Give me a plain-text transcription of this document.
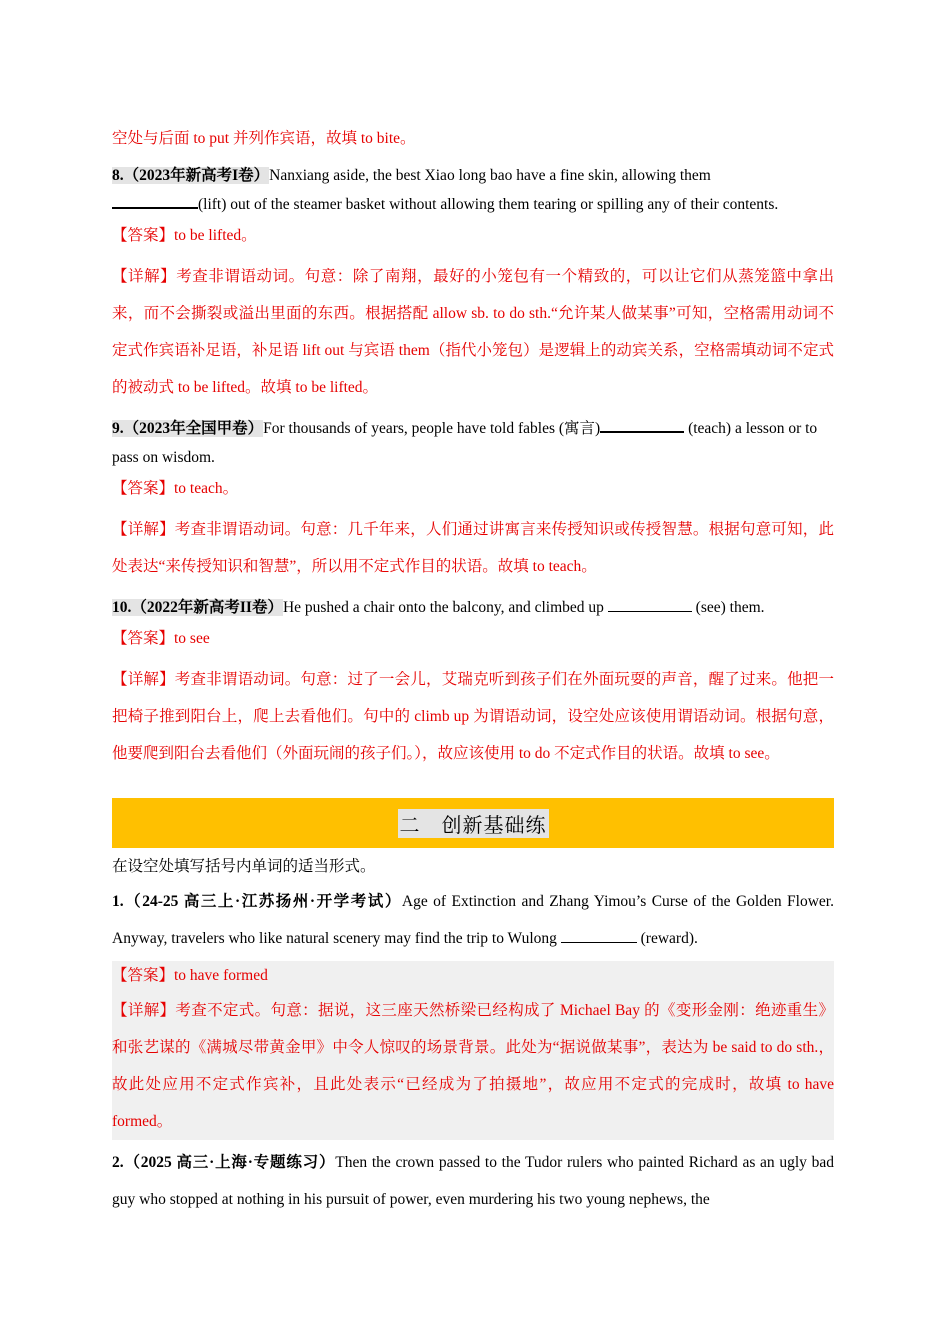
空处与后面 to put 并列作宾语，故填 to bite。

8.（2023年新高考I卷）Nanxiang aside, the best Xiao long bao have a fine skin, allowing them
(lift) out of the steamer basket without allowing them tearing or spilling any of their contents.

【答案】to be lifted。

【详解】考查非谓语动词。句意：除了南翔，最好的小笼包有一个精致的，可以让它们从蒸笼篮中拿出来，而不会撕裂或溢出里面的东西。根据搭配 allow sb. to do sth.“允许某人做某事”可知，空格需用动词不定式作宾语补足语，补足语 lift out 与宾语 them（指代小笼包）是逻辑上的动宾关系，空格需填动词不定式的被动式 to be lifted。故填 to be lifted。

9.（2023年全国甲卷）For thousands of years, people have told fables (寓言)	(teach) a lesson or to pass on wisdom.

【答案】to teach。

【详解】考查非谓语动词。句意：几千年来，人们通过讲寓言来传授知识或传授智慧。根据句意可知，此处表达“来传授知识和智慧”，所以用不定式作目的状语。故填 to teach。

10.（2022年新高考II卷）He pushed a chair onto the balcony, and climbed up	(see) them.

【答案】to see

【详解】考查非谓语动词。句意：过了一会儿，艾瑞克听到孩子们在外面玩耍的声音，醒了过来。他把一把椅子推到阳台上，爬上去看他们。句中的 climb up 为谓语动词，设空处应该使用谓语动词。根据句意，他要爬到阳台去看他们（外面玩闹的孩子们。），故应该使用 to do 不定式作目的状语。故填 to see。

二　创新基础练

在设空处填写括号内单词的适当形式。

1.（24-25 高三上·江苏扬州·开学考试）Age of Extinction and Zhang Yimou’s Curse of the Golden Flower. Anyway, travelers who like natural scenery may find the trip to Wulong	(reward).

【答案】to have formed

【详解】考查不定式。句意：据说，这三座天然桥梁已经构成了 Michael Bay 的《变形金刚：绝迹重生》和张艺谋的《满城尽带黄金甲》中令人惊叹的场景背景。此处为“据说做某事”，表达为 be said to do sth.，故此处应用不定式作宾补，且此处表示“已经成为了拍摄地”，故应用不定式的完成时，故填 to have formed。

2.（2025 高三·上海·专题练习）Then the crown passed to the Tudor rulers who painted Richard as an ugly bad guy who stopped at nothing in his pursuit of power, even murdering his two young nephews, the
